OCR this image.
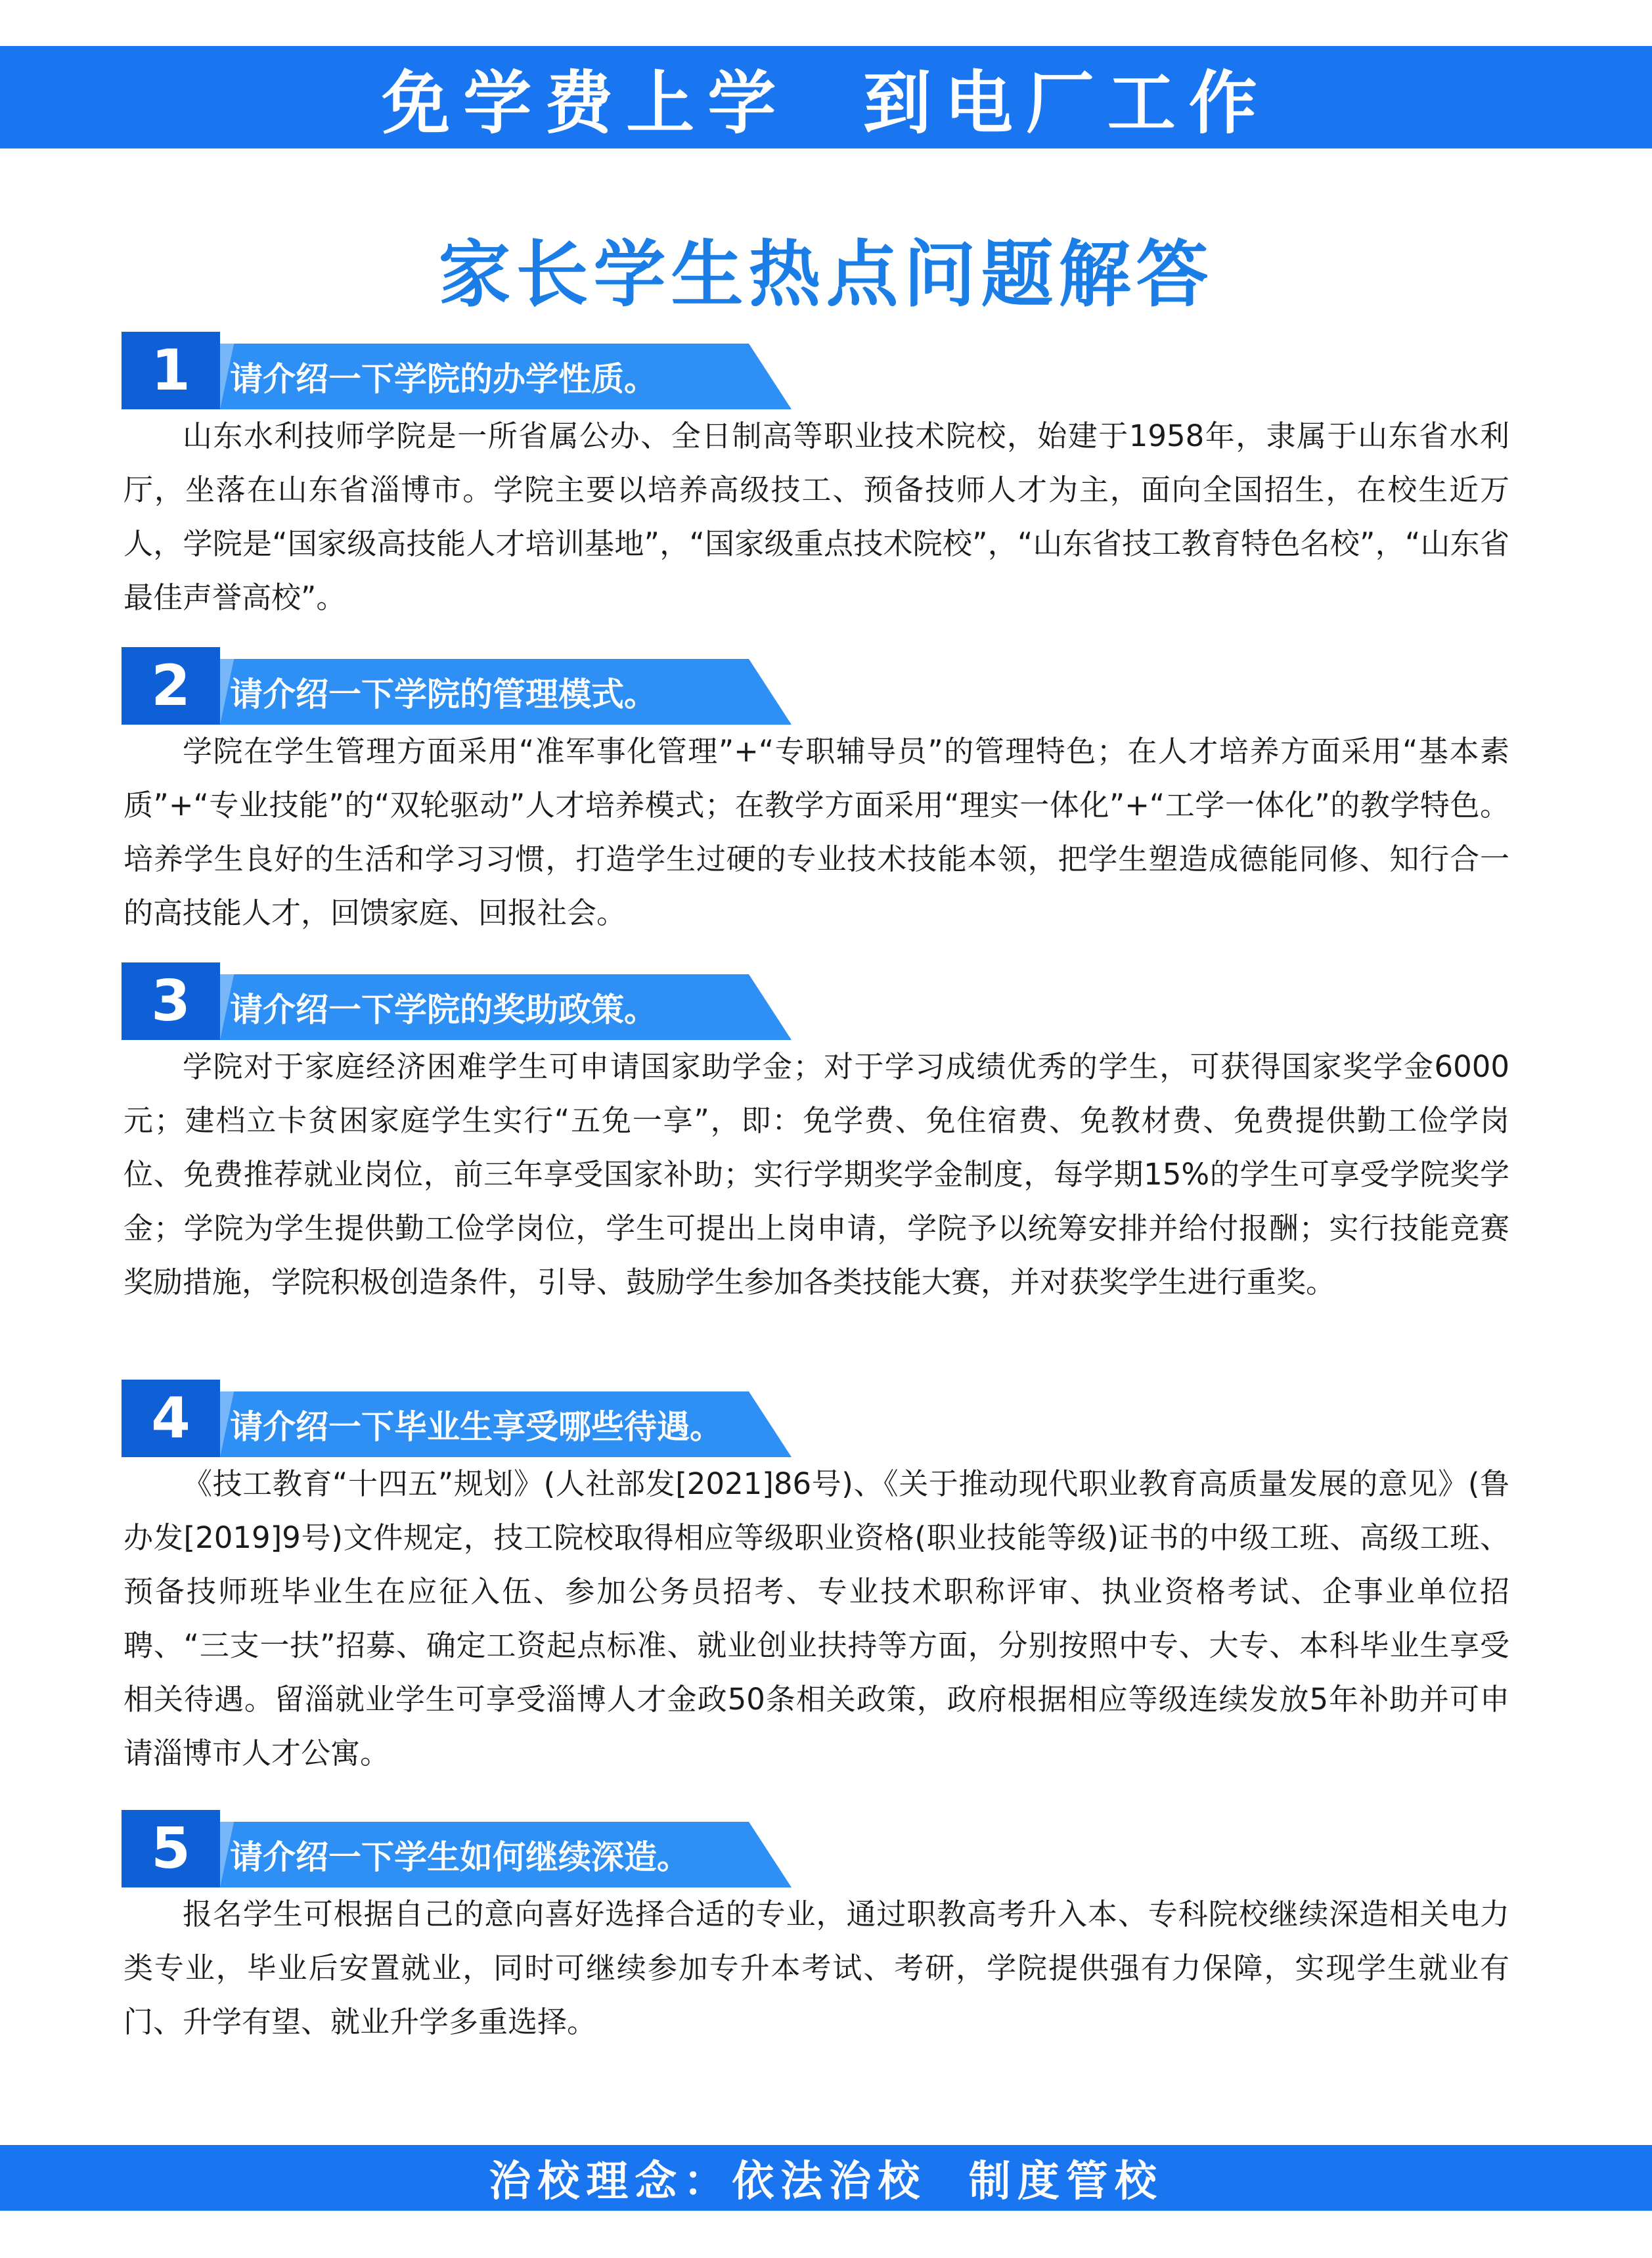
免学费上学  到电厂工作
家长学生热点问题解答
1	请介绍一下学院的办学性质。

山东水利技师学院是一所省属公办、全日制高等职业技术院校，始建于1958年，隶属于山东省水利厅，坐落在山东省淄博市。学院主要以培养高级技工、预备技师人才为主，面向全国招生，在校生近万人，学院是“国家级高技能人才培训基地”，“国家级重点技术院校”，“山东省技工教育特色名校”，“山东省最佳声誉高校”。

2	请介绍一下学院的管理模式。

学院在学生管理方面采用“准军事化管理”+“专职辅导员”的管理特色；在人才培养方面采用“基本素质”+“专业技能”的“双轮驱动”人才培养模式；在教学方面采用“理实一体化”+“工学一体化”的教学特色。培养学生良好的生活和学习习惯，打造学生过硬的专业技术技能本领，把学生塑造成德能同修、知行合一的高技能人才，回馈家庭、回报社会。

3	请介绍一下学院的奖助政策。

学院对于家庭经济困难学生可申请国家助学金；对于学习成绩优秀的学生，可获得国家奖学金6000元；建档立卡贫困家庭学生实行“五免一享”，即：免学费、免住宿费、免教材费、免费提供勤工俭学岗位、免费推荐就业岗位，前三年享受国家补助；实行学期奖学金制度，每学期15%的学生可享受学院奖学金；学院为学生提供勤工俭学岗位，学生可提出上岗申请，学院予以统筹安排并给付报酬；实行技能竞赛奖励措施，学院积极创造条件，引导、鼓励学生参加各类技能大赛，并对获奖学生进行重奖。

4	请介绍一下毕业生享受哪些待遇。

《技工教育“十四五”规划》(人社部发[2021]86号)、《关于推动现代职业教育高质量发展的意见》(鲁办发[2019]9号)文件规定，技工院校取得相应等级职业资格(职业技能等级)证书的中级工班、高级工班、预备技师班毕业生在应征入伍、参加公务员招考、专业技术职称评审、执业资格考试、企事业单位招聘、“三支一扶”招募、确定工资起点标准、就业创业扶持等方面，分别按照中专、大专、本科毕业生享受相关待遇。留淄就业学生可享受淄博人才金政50条相关政策，政府根据相应等级连续发放5年补助并可申请淄博市人才公寓。

5	请介绍一下学生如何继续深造。

报名学生可根据自己的意向喜好选择合适的专业，通过职教高考升入本、专科院校继续深造相关电力类专业，毕业后安置就业，同时可继续参加专升本考试、考研，学院提供强有力保障，实现学生就业有门、升学有望、就业升学多重选择。

治校理念：依法治校  制度管校
